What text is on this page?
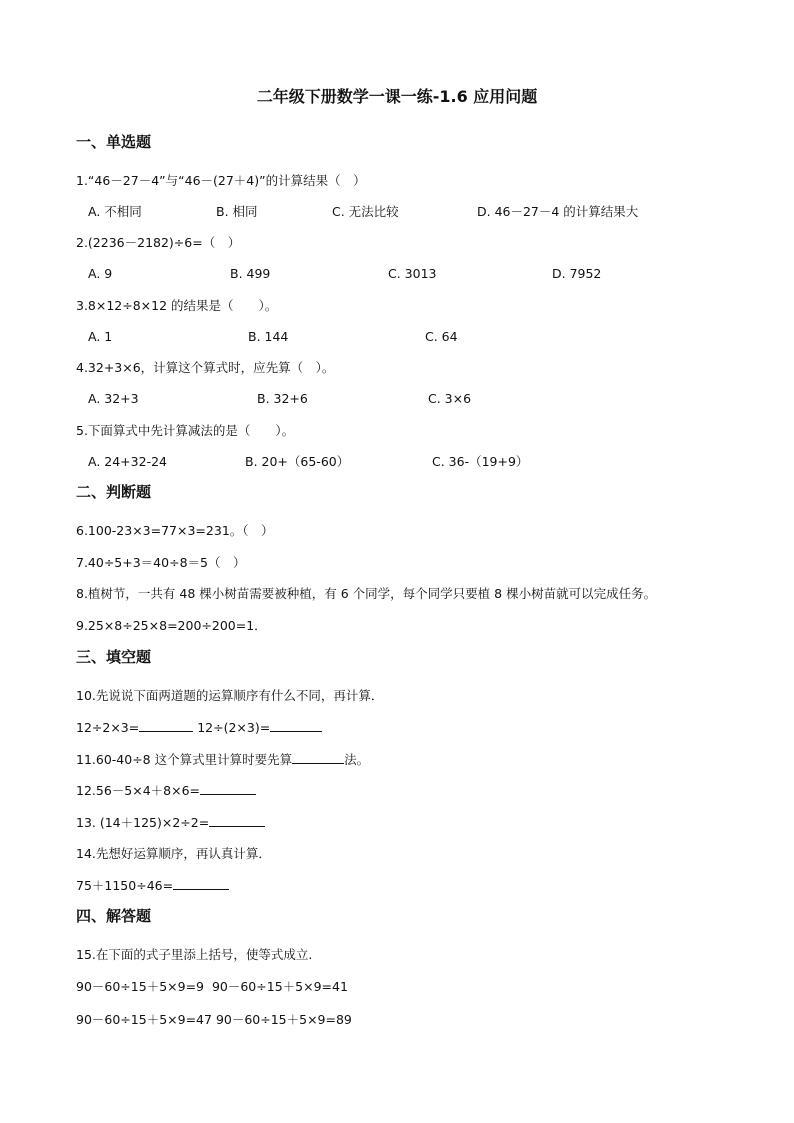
二年级下册数学一课一练-1.6 应用问题
一、单选题
1.“46－27－4”与“46－(27＋4)”的计算结果（　）
A. 不相同	B. 相同	C. 无法比较	D. 46－27－4 的计算结果大
2.(2236－2182)÷6=（　）
A. 9	B. 499	C. 3013	D. 7952
3.8×12÷8×12 的结果是（　　）。
A. 1	B. 144	C. 64
4.32+3×6，计算这个算式时，应先算（　）。
A. 32+3	B. 32+6	C. 3×6
5.下面算式中先计算减法的是（　　）。
A. 24+32-24	B. 20+（65-60）	C. 36-（19+9）
二、判断题
6.100-23×3=77×3=231。（　）
7.40÷5+3＝40÷8＝5（　）
8.植树节，一共有 48 棵小树苗需要被种植，有 6 个同学，每个同学只要植 8 棵小树苗就可以完成任务。
9.25×8÷25×8=200÷200=1．
三、填空题
10.先说说下面两道题的运算顺序有什么不同，再计算．
12÷2×3=	12÷(2×3)=
11.60-40÷8 这个算式里计算时要先算	法。
12.56－5×4＋8×6=
13. (14＋125)×2÷2=
14.先想好运算顺序，再认真计算．
75＋1150÷46=
四、解答题
15.在下面的式子里添上括号，使等式成立.
90－60÷15＋5×9=9 90－60÷15＋5×9=41
90－60÷15＋5×9=47 90－60÷15＋5×9=89
